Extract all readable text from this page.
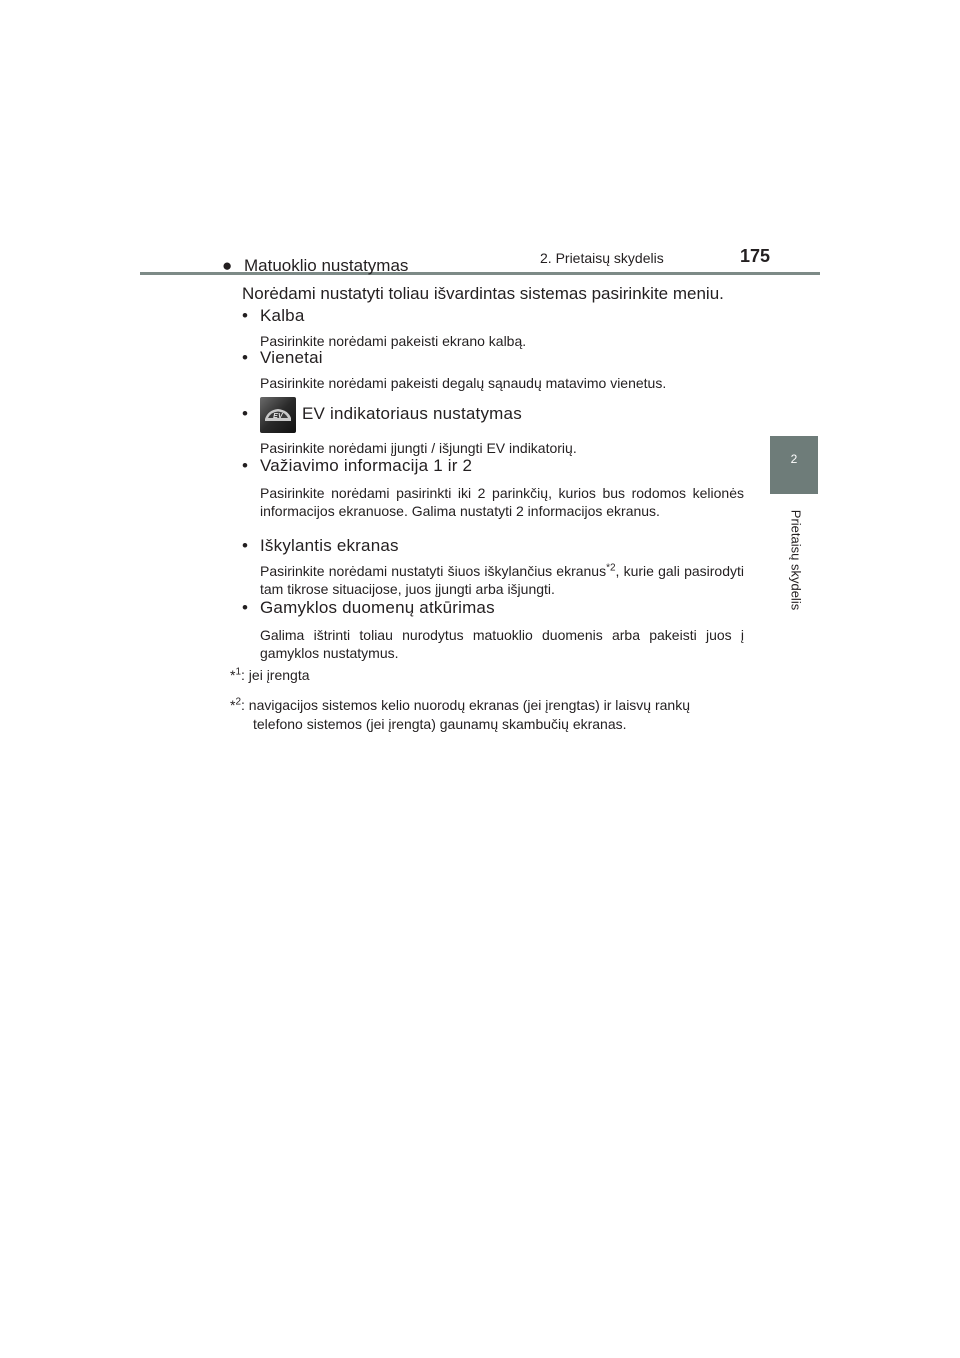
2. Prietaisų skydelis	175
2
Prietaisų skydelis
● Matuoklio nustatymas
Norėdami nustatyti toliau išvardintas sistemas pasirinkite meniu.
• Kalba
Pasirinkite norėdami pakeisti ekrano kalbą.
• Vienetai
Pasirinkite norėdami pakeisti degalų sąnaudų matavimo vienetus.
•	EV EV indikatoriaus nustatymas
Pasirinkite norėdami įjungti / išjungti EV indikatorių.
• Važiavimo informacija 1 ir 2
Pasirinkite norėdami pasirinkti iki 2 parinkčių, kurios bus rodomos kelionės informacijos ekranuose. Galima nustatyti 2 informacijos ekranus.
• Iškylantis ekranas
Pasirinkite norėdami nustatyti šiuos iškylančius ekranus$^{*2}$, kurie gali pasirodyti tam tikrose situacijose, juos įjungti arba išjungti.
• Gamyklos duomenų atkūrimas
Galima ištrinti toliau nurodytus matuoklio duomenis arba pakeisti juos į gamyklos nustatymus.
*$^1$: jei įrengta
*$^2$: navigacijos sistemos kelio nuorodų ekranas (jei įrengtas) ir laisvų rankų
telefono sistemos (jei įrengta) gaunamų skambučių ekranas.
